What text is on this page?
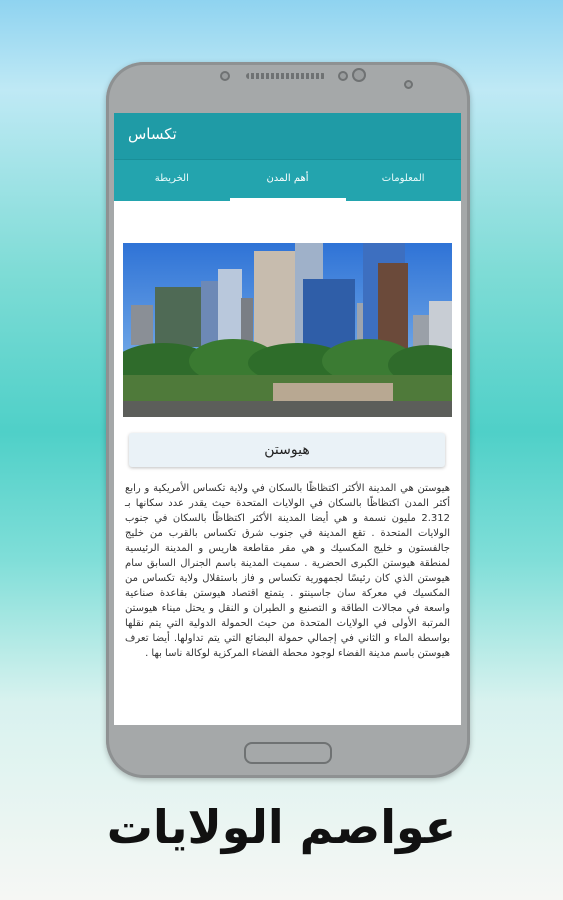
تكساس
المعلومات
أهم المدن
الخريطة
هيوستن
هيوستن هي المدينة الأكثر اكتظاظًا بالسكان في ولاية تكساس الأمريكية و رابع أكثر المدن اكتظاظًا بالسكان في الولايات المتحدة حيث يقدر عدد سكانها بـ 2.312 مليون نسمة و هي أيضا المدينة الأكثر اكتظاظًا بالسكان في جنوب الولايات المتحدة . تقع المدينة في جنوب شرق تكساس بالقرب من خليج جالفستون و خليج المكسيك و هي مقر مقاطعة هاريس و المدينة الرئيسية لمنطقة هيوستن الكبرى الحضرية . سميت المدينة باسم الجنرال السابق سام هيوستن الذي كان رئيسًا لجمهورية تكساس و فاز باستقلال ولاية تكساس من المكسيك في معركة سان جاسينتو . يتمتع اقتصاد هيوستن بقاعدة صناعية واسعة في مجالات الطاقة و التصنيع و الطيران و النقل و يحتل ميناء هيوستن المرتبة الأولى في الولايات المتحدة من حيث الحمولة الدولية التي يتم نقلها بواسطة الماء و الثاني في إجمالي حمولة البضائع التي يتم تداولها. أيضا تعرف هيوستن باسم مدينة الفضاء لوجود محطة الفضاء المركزية لوكالة ناسا بها .
عواصم الولايات
